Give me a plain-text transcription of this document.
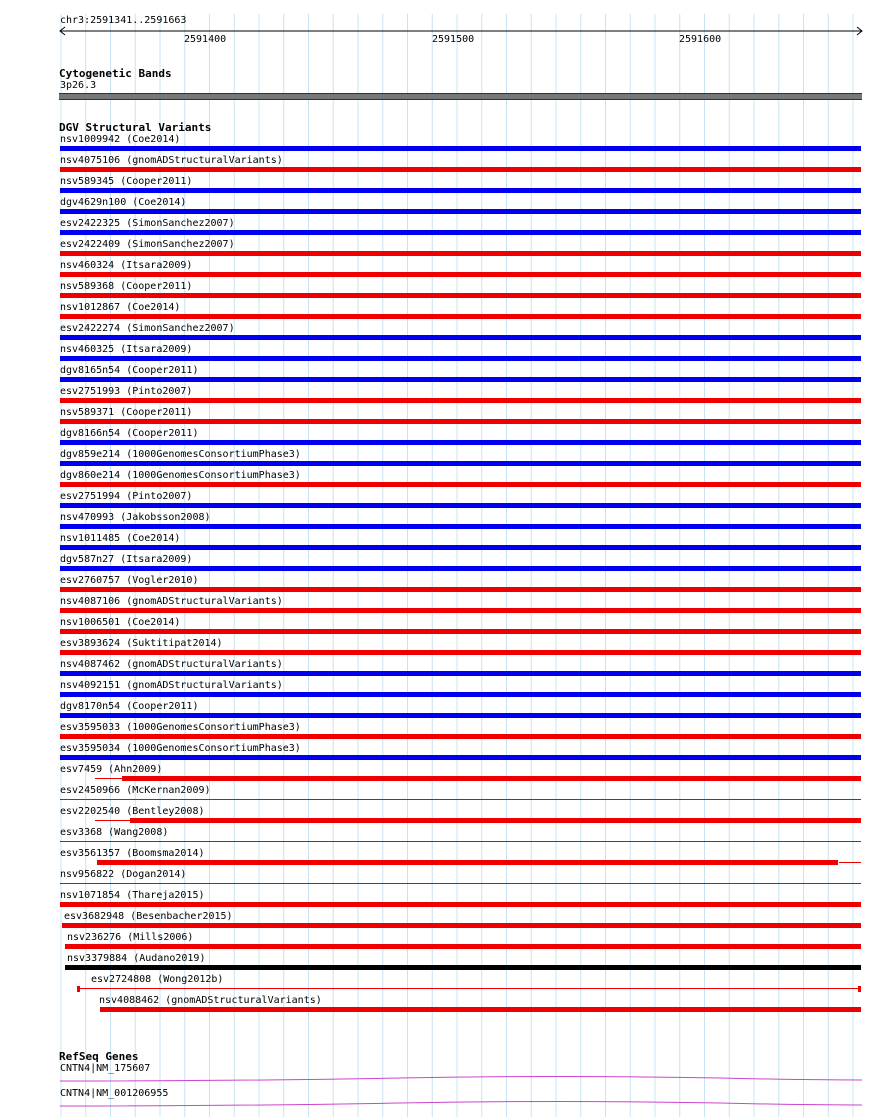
chr3:2591341..2591663
2591400	2591500	2591600
Cytogenetic Bands
3p26.3
DGV Structural Variants
nsv1009942 (Coe2014)
nsv4075106 (gnomADStructuralVariants)
nsv589345 (Cooper2011)
dgv4629n100 (Coe2014)
esv2422325 (SimonSanchez2007)
esv2422409 (SimonSanchez2007)
nsv460324 (Itsara2009)
nsv589368 (Cooper2011)
nsv1012867 (Coe2014)
esv2422274 (SimonSanchez2007)
nsv460325 (Itsara2009)
dgv8165n54 (Cooper2011)
esv2751993 (Pinto2007)
nsv589371 (Cooper2011)
dgv8166n54 (Cooper2011)
dgv859e214 (1000GenomesConsortiumPhase3)
dgv860e214 (1000GenomesConsortiumPhase3)
esv2751994 (Pinto2007)
nsv470993 (Jakobsson2008)
nsv1011485 (Coe2014)
dgv587n27 (Itsara2009)
esv2760757 (Vogler2010)
nsv4087106 (gnomADStructuralVariants)
nsv1006501 (Coe2014)
esv3893624 (Suktitipat2014)
nsv4087462 (gnomADStructuralVariants)
nsv4092151 (gnomADStructuralVariants)
dgv8170n54 (Cooper2011)
esv3595033 (1000GenomesConsortiumPhase3)
esv3595034 (1000GenomesConsortiumPhase3)
esv7459 (Ahn2009)
esv2450966 (McKernan2009)
esv2202540 (Bentley2008)
esv3368 (Wang2008)
esv3561357 (Boomsma2014)
nsv956822 (Dogan2014)
nsv1071854 (Thareja2015)
esv3682948 (Besenbacher2015)
nsv236276 (Mills2006)
nsv3379884 (Audano2019)
esv2724808 (Wong2012b)
nsv4088462 (gnomADStructuralVariants)
RefSeq Genes
CNTN4|NM_175607
CNTN4|NM_001206955
